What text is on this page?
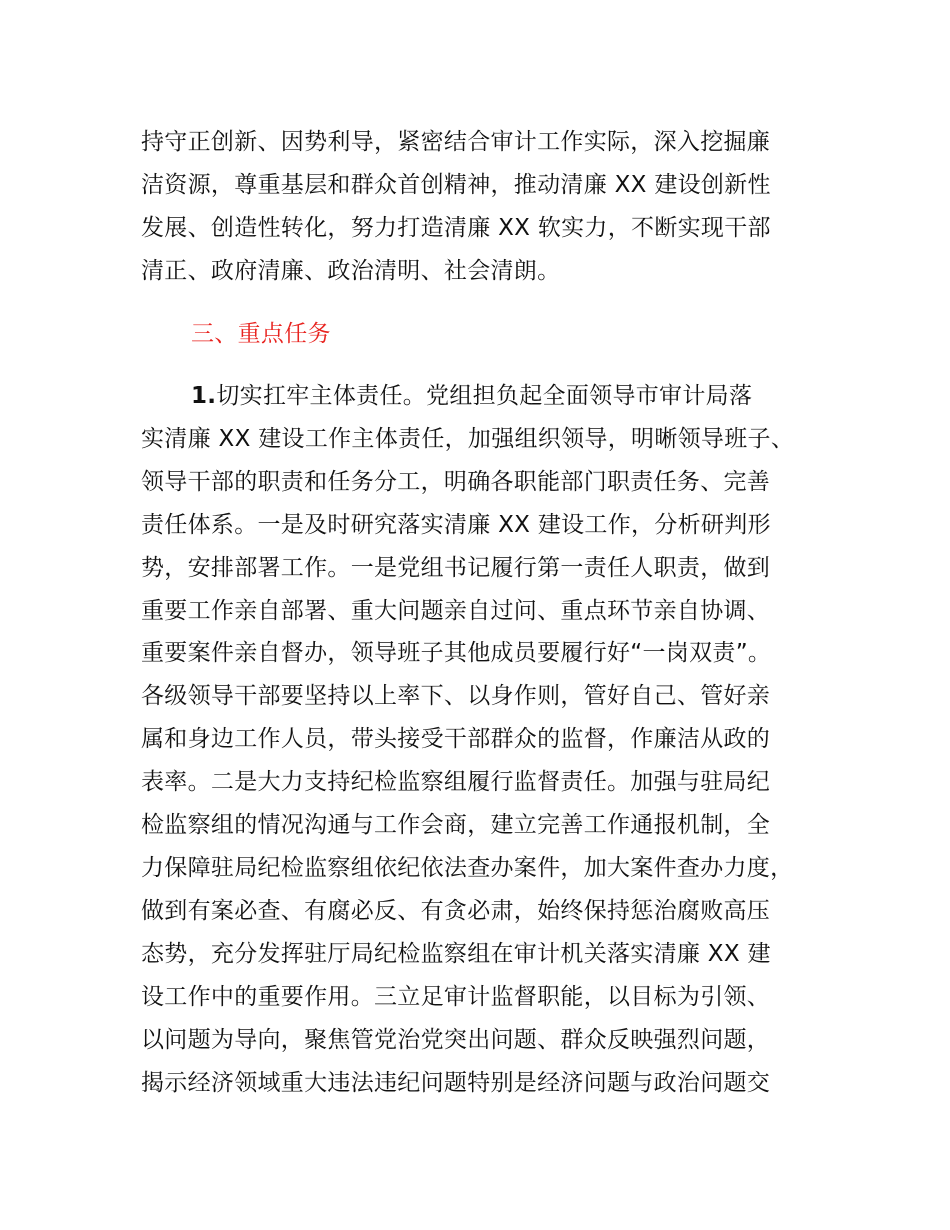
持守正创新、因势利导，紧密结合审计工作实际，深入挖掘廉
洁资源，尊重基层和群众首创精神，推动清廉 XX 建设创新性
发展、创造性转化，努力打造清廉 XX 软实力，不断实现干部
清正、政府清廉、政治清明、社会清朗。
三、重点任务
1.切实扛牢主体责任。党组担负起全面领导市审计局落
实清廉 XX 建设工作主体责任，加强组织领导，明晰领导班子、
领导干部的职责和任务分工，明确各职能部门职责任务、完善
责任体系。一是及时研究落实清廉 XX 建设工作，分析研判形
势，安排部署工作。一是党组书记履行第一责任人职责，做到
重要工作亲自部署、重大问题亲自过问、重点环节亲自协调、
重要案件亲自督办，领导班子其他成员要履行好“一岗双责”。
各级领导干部要坚持以上率下、以身作则，管好自己、管好亲
属和身边工作人员，带头接受干部群众的监督，作廉洁从政的
表率。二是大力支持纪检监察组履行监督责任。加强与驻局纪
检监察组的情况沟通与工作会商，建立完善工作通报机制，全
力保障驻局纪检监察组依纪依法查办案件，加大案件查办力度，
做到有案必查、有腐必反、有贪必肃，始终保持惩治腐败高压
态势，充分发挥驻厅局纪检监察组在审计机关落实清廉 XX 建
设工作中的重要作用。三立足审计监督职能，以目标为引领、
以问题为导向，聚焦管党治党突出问题、群众反映强烈问题，
揭示经济领域重大违法违纪问题特别是经济问题与政治问题交
